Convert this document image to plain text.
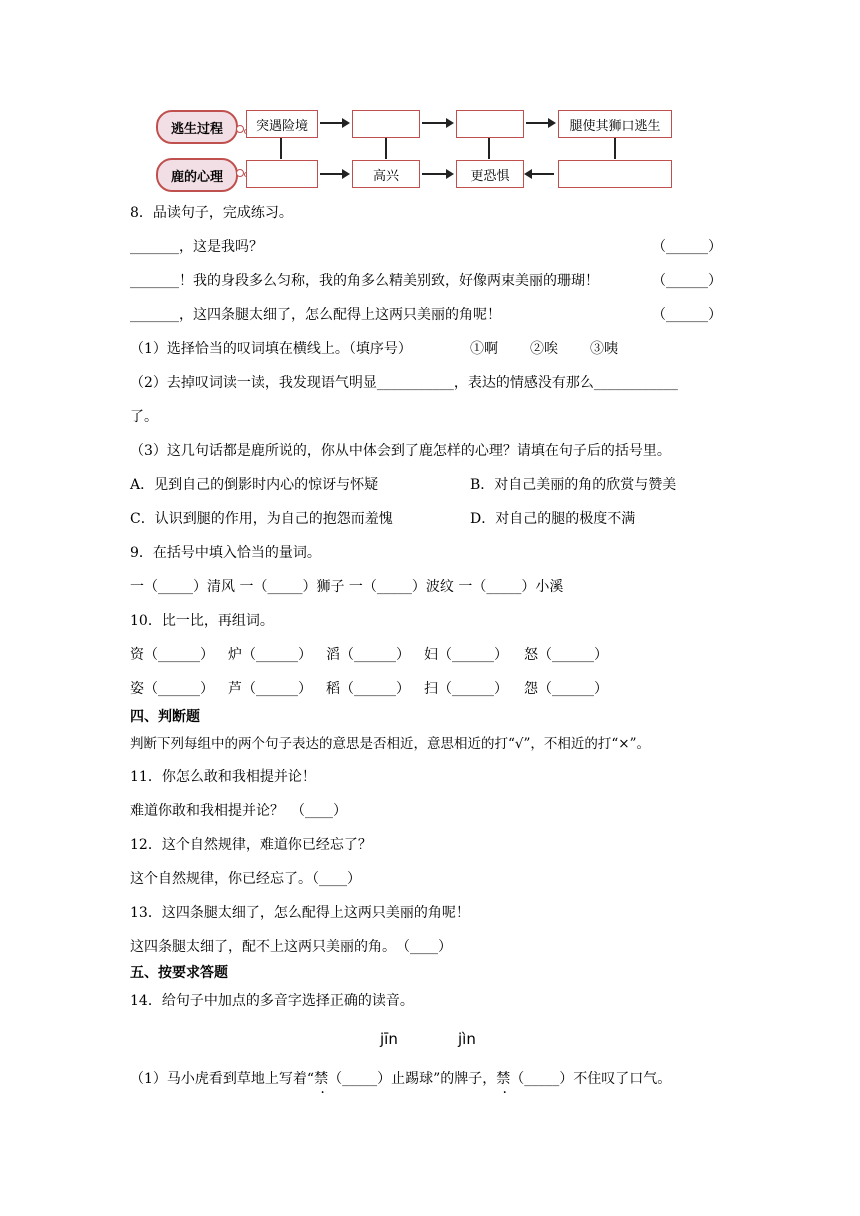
逃生过程
鹿的心理
突遇险境	腿使其狮口逃生
高兴	更恐惧
8．品读句子，完成练习。
_______，这是我吗？	（______）
_______！我的身段多么匀称，我的角多么精美别致，好像两束美丽的珊瑚！	（______）
_______，这四条腿太细了，怎么配得上这两只美丽的角呢！	（______）
（1）选择恰当的叹词填在横线上。（填序号）	①啊 ②唉 ③咦
（2）去掉叹词读一读，我发现语气明显___________，表达的情感没有那么____________
了。
（3）这几句话都是鹿所说的，你从中体会到了鹿怎样的心理？请填在句子后的括号里。
A．见到自己的倒影时内心的惊讶与怀疑	B．对自己美丽的角的欣赏与赞美
C．认识到腿的作用，为自己的抱怨而羞愧	D．对自己的腿的极度不满
9．在括号中填入恰当的量词。
一（_____）清风 一（_____）狮子 一（_____）波纹 一（_____）小溪
10．比一比，再组词。
资（______） 炉（______） 滔（______） 妇（______） 怒（______）
姿（______） 芦（______） 稻（______） 扫（______） 怨（______）
四、判断题
判断下列每组中的两个句子表达的意思是否相近，意思相近的打“√”，不相近的打“×”。
11．你怎么敢和我相提并论！
难道你敢和我相提并论？　（____）
12．这个自然规律，难道你已经忘了？
这个自然规律，你已经忘了。（____）
13．这四条腿太细了，怎么配得上这两只美丽的角呢！
这四条腿太细了，配不上这两只美丽的角。　（____）
五、按要求答题
14．给句子中加点的多音字选择正确的读音。
jīn	jìn
（1）马小虎看到草地上写着“禁（_____）止踢球”的牌子，禁（_____）不住叹了口气。
